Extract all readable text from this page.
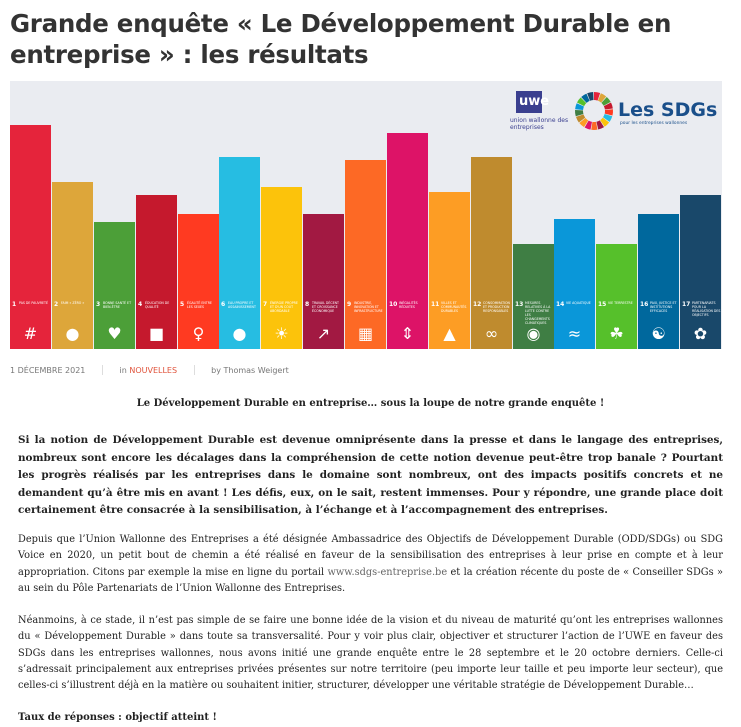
Grande enquête « Le Développement Durable en entreprise » : les résultats
1 PAS DE PAUVRETÉ
#
2 FAIM « ZÉRO »
●
3 BONNE SANTÉ ET BIEN-ÊTRE
♥
4 ÉDUCATION DE QUALITÉ
■
5 ÉGALITÉ ENTRE LES SEXES
♀
6 EAU PROPRE ET ASSAINISSEMENT
●
7 ÉNERGIE PROPRE ET D'UN COÛT ABORDABLE
☀
8 TRAVAIL DÉCENT ET CROISSANCE ÉCONOMIQUE
↗
9 INDUSTRIE, INNOVATION ET INFRASTRUCTURE
▦
10 INÉGALITÉS RÉDUITES
⇕
11 VILLES ET COMMUNAUTÉS DURABLES
▲
12 CONSOMMATION ET PRODUCTION RESPONSABLES
∞
13 MESURES RELATIVES À LA LUTTE CONTRE LES CHANGEMENTS CLIMATIQUES
◉
14 VIE AQUATIQUE
≈
15 VIE TERRESTRE
☘
16 PAIX, JUSTICE ET INSTITUTIONS EFFICACES
☯
17 PARTENARIATS POUR LA RÉALISATION DES OBJECTIFS
✿
uwe
union wallonne des entreprises
Les SDGs
pour les entreprises wallonnes
1 DÉCEMBRE 2021	in NOUVELLES	by Thomas Weigert

Le Développement Durable en entreprise… sous la loupe de notre grande enquête !

Si la notion de Développement Durable est devenue omniprésente dans la presse et dans le langage des entreprises, nombreux sont encore les décalages dans la compréhension de cette notion devenue peut-être trop banale ? Pourtant les progrès réalisés par les entreprises dans le domaine sont nombreux, ont des impacts positifs concrets et ne demandent qu’à être mis en avant ! Les défis, eux, on le sait, restent immenses. Pour y répondre, une grande place doit certainement être consacrée à la sensibilisation, à l’échange et à l’accompagnement des entreprises.

Depuis que l’Union Wallonne des Entreprises a été désignée Ambassadrice des Objectifs de Développement Durable (ODD/SDGs) ou SDG Voice en 2020, un petit bout de chemin a été réalisé en faveur de la sensibilisation des entreprises à leur prise en compte et à leur appropriation. Citons par exemple la mise en ligne du portail www.sdgs-entreprise.be et la création récente du poste de « Conseiller SDGs » au sein du Pôle Partenariats de l’Union Wallonne des Entreprises.

Néanmoins, à ce stade, il n’est pas simple de se faire une bonne idée de la vision et du niveau de maturité qu’ont les entreprises wallonnes du « Développement Durable » dans toute sa transversalité. Pour y voir plus clair, objectiver et structurer l’action de l’UWE en faveur des SDGs dans les entreprises wallonnes, nous avons initié une grande enquête entre le 28 septembre et le 20 octobre derniers. Celle-ci s’adressait principalement aux entreprises privées présentes sur notre territoire (peu importe leur taille et peu importe leur secteur), que celles-ci s’illustrent déjà en la matière ou souhaitent initier, structurer, développer une véritable stratégie de Développement Durable…

Taux de réponses : objectif atteint !
